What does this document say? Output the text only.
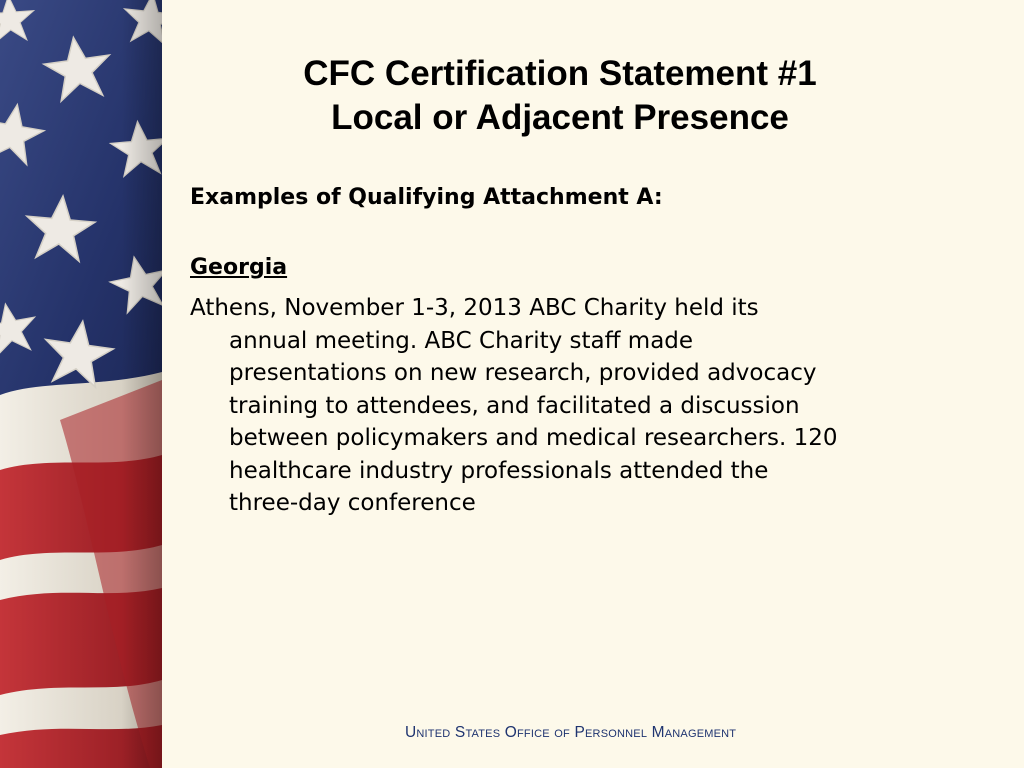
CFC Certification Statement #1
Local or Adjacent Presence
Examples of Qualifying Attachment A:
Georgia
Athens, November 1-3, 2013 ABC Charity held its
annual meeting. ABC Charity staff made
presentations on new research, provided advocacy
training to attendees, and facilitated a discussion
between policymakers and medical researchers. 120
healthcare industry professionals attended the
three-day conference
United States Office of Personnel Management
